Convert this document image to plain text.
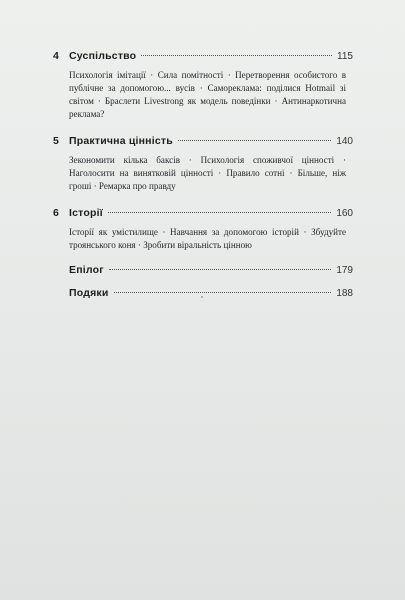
4 Суспільство	115
Психологія імітації · Сила помітності · Перетворення особистого в публічне за допомогою... вусів · Самореклама: поділися Hotmail зі світом · Браслети Livestrong як модель поведінки · Антинаркотична реклама?
5 Практична цінність	140
Зекономити кілька баксів · Психологія споживчої цінності · Наголосити на винятковій цінності · Правило сотні · Більше, ніж гроші · Ремарка про правду
6 Історії	160
Історії як умістилище · Навчання за допомогою історій · Збудуйте троянського коня · Зробити віральність цінною
Епілог	179
Подяки	188
